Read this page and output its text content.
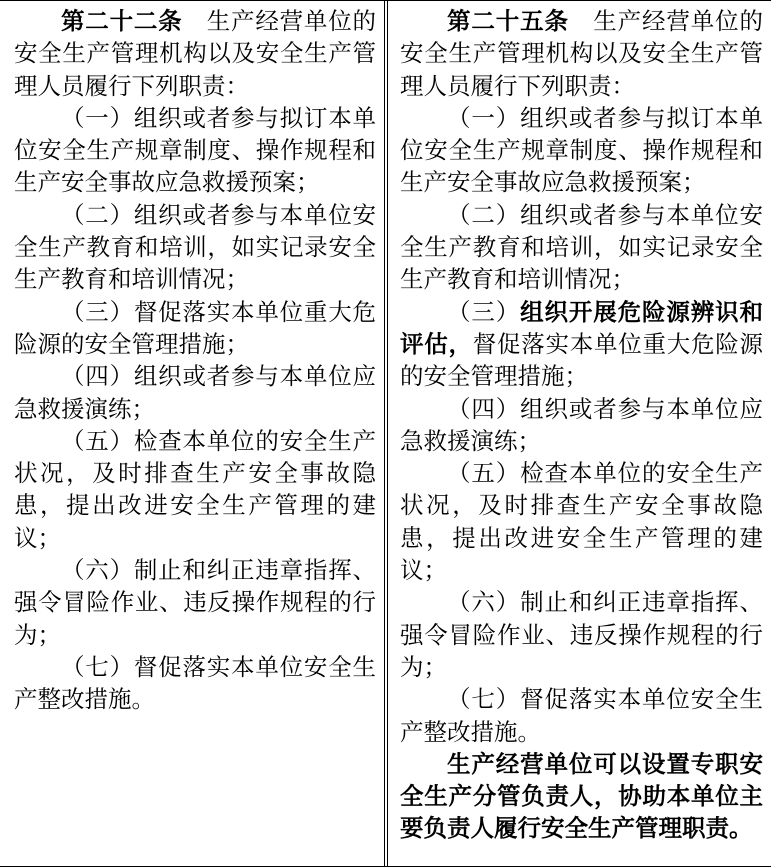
第二十二条　 生产经营单位的安全生产管理机构以及安全生产管理人员履行下列职责：

（一）组织或者参与拟订本单位安全生产规章制度、操作规程和生产安全事故应急救援预案；

（二）组织或者参与本单位安全生产教育和培训，如实记录安全生产教育和培训情况；

（三）督促落实本单位重大危险源的安全管理措施；

（四）组织或者参与本单位应急救援演练；

（五）检查本单位的安全生产状况，及时排查生产安全事故隐患，提出改进安全生产管理的建议；

（六）制止和纠正违章指挥、强令冒险作业、违反操作规程的行为；

（七）督促落实本单位安全生产整改措施。

第二十五条　 生产经营单位的安全生产管理机构以及安全生产管理人员履行下列职责：

（一）组织或者参与拟订本单位安全生产规章制度、操作规程和生产安全事故应急救援预案；

（二）组织或者参与本单位安全生产教育和培训，如实记录安全生产教育和培训情况；

（三）组织开展危险源辨识和评估，督促落实本单位重大危险源的安全管理措施；

（四）组织或者参与本单位应急救援演练；

（五）检查本单位的安全生产状况，及时排查生产安全事故隐患，提出改进安全生产管理的建议；

（六）制止和纠正违章指挥、强令冒险作业、违反操作规程的行为；

（七）督促落实本单位安全生产整改措施。

生产经营单位可以设置专职安全生产分管负责人，协助本单位主要负责人履行安全生产管理职责。
